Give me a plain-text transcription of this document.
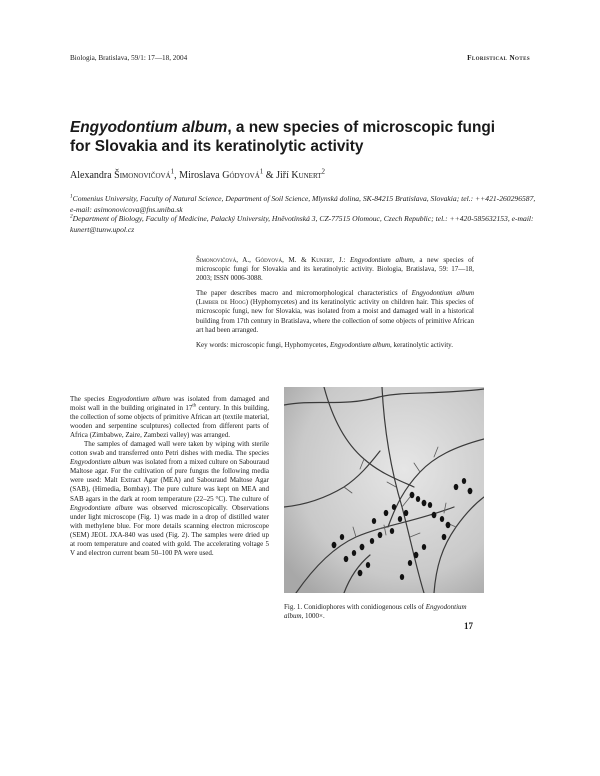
Biologia, Bratislava, 59/1: 17—18, 2004	Floristical Notes
Engyodontium album, a new species of microscopic fungi
for Slovakia and its keratinolytic activity
Alexandra Šimonovičová$^1$, Miroslava Gódyová$^1$ & Jiří Kunert$^2$
$^1$Comenius University, Faculty of Natural Science, Department of Soil Science, Mlynská dolina, SK-84215 Bratislava, Slovakia; tel.: ++421-260296587, e-mail: asimonovicova@fns.uniba.sk
$^2$Department of Biology, Faculty of Medicine, Palacký University, Hněvotínská 3, CZ-77515 Olomouc, Czech Republic; tel.: ++420-585632153, e-mail: kunert@tunw.upol.cz

Šimonovičová, A., Gódyová, M. & Kunert, J.: Engyodontium album, a new species of microscopic fungi for Slovakia and its keratinolytic activity. Biologia, Bratislava, 59: 17—18, 2003; ISSN 0006-3088.

The paper describes macro and micromorphological characteristics of Engyodontium album (Limber de Hoog) (Hyphomycetes) and its keratinolytic activity on children hair. This species of microscopic fungi, new for Slovakia, was isolated from a moist and damaged wall in a historical building from 17th century in Bratislava, where the collection of some objects of primitive African art had been arranged.

Key words: microscopic fungi, Hyphomycetes, Engyodontium album, keratinolytic activity.

The species Engyodontium album was isolated from damaged and moist wall in the building originated in 17th century. In this building, the collection of some objects of primitive African art (textile material, wooden and serpentine sculptures) collected from different parts of Africa (Zimbabwe, Zaire, Zambezi valley) was arranged.

The samples of damaged wall were taken by wiping with sterile cotton swab and transferred onto Petri dishes with media. The species Engyodontium album was isolated from a mixed culture on Sabouraud Maltose agar. For the cultivation of pure fungus the following media were used: Malt Extract Agar (MEA) and Sabouraud Maltose Agar (SAB), (Himedia, Bombay). The pure culture was kept on MEA and SAB agars in the dark at room temperature (22–25 °C). The culture of Engyodontium album was observed microscopically. Observations under light microscope (Fig. 1) was made in a drop of distilled water with methylene blue. For more details scanning electron microscope (SEM) JEOL JXA-840 was used (Fig. 2). The samples were dried up at room temperature and coated with gold. The accelerating voltage 5 V and electron current beam 50–100 PA were used.

Fig. 1. Conidiophores with conidiogenous cells of Engyodontium album, 1000×.
17
